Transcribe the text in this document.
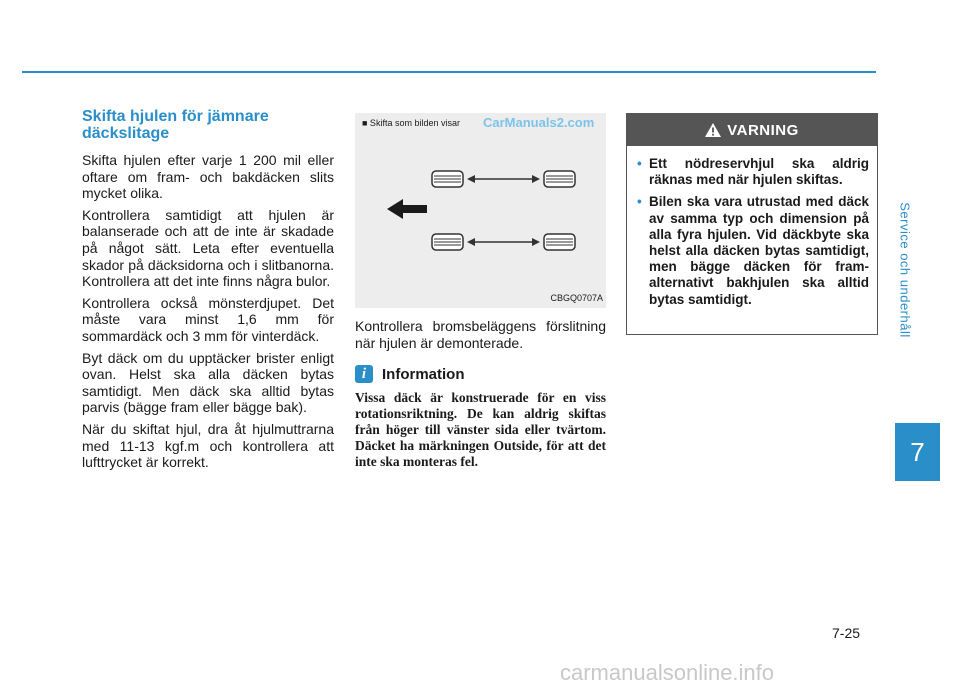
Service och underhåll
7
7-25
carmanualsonline.info
Skifta hjulen för jämnare däckslitage

Skifta hjulen efter varje 1 200 mil eller oftare om fram- och bakdäcken slits mycket olika.

Kontrollera samtidigt att hjulen är balanserade och att de inte är skadade på något sätt. Leta efter eventuella skador på däcksidorna och i slitbanorna. Kontrollera att det inte finns några bulor.

Kontrollera också mönsterdjupet. Det måste vara minst 1,6 mm för sommardäck och 3 mm för vinterdäck.

Byt däck om du upptäcker brister enligt ovan. Helst ska alla däcken bytas samtidigt. Men däck ska alltid bytas parvis (bägge fram eller bägge bak).

När du skiftat hjul, dra åt hjulmuttrarna med 11-13 kgf.m och kontrollera att lufttrycket är korrekt.

■ Skifta som bilden visar CarManuals2.com
CBGQ0707A

Kontrollera bromsbeläggens förslitning när hjulen är demonterade.

i	Information
Vissa däck är konstruerade för en viss rotationsriktning. De kan aldrig skiftas från höger till vänster sida eller tvärtom. Däcket ha märkningen Outside, för att det inte ska monteras fel.
VARNING
• Ett nödreservhjul ska aldrig räknas med när hjulen skiftas.
• Bilen ska vara utrustad med däck av samma typ och dimension på alla fyra hjulen. Vid däckbyte ska helst alla däcken bytas samtidigt, men bägge däcken för fram- alternativt bakhjulen ska alltid bytas samtidigt.
